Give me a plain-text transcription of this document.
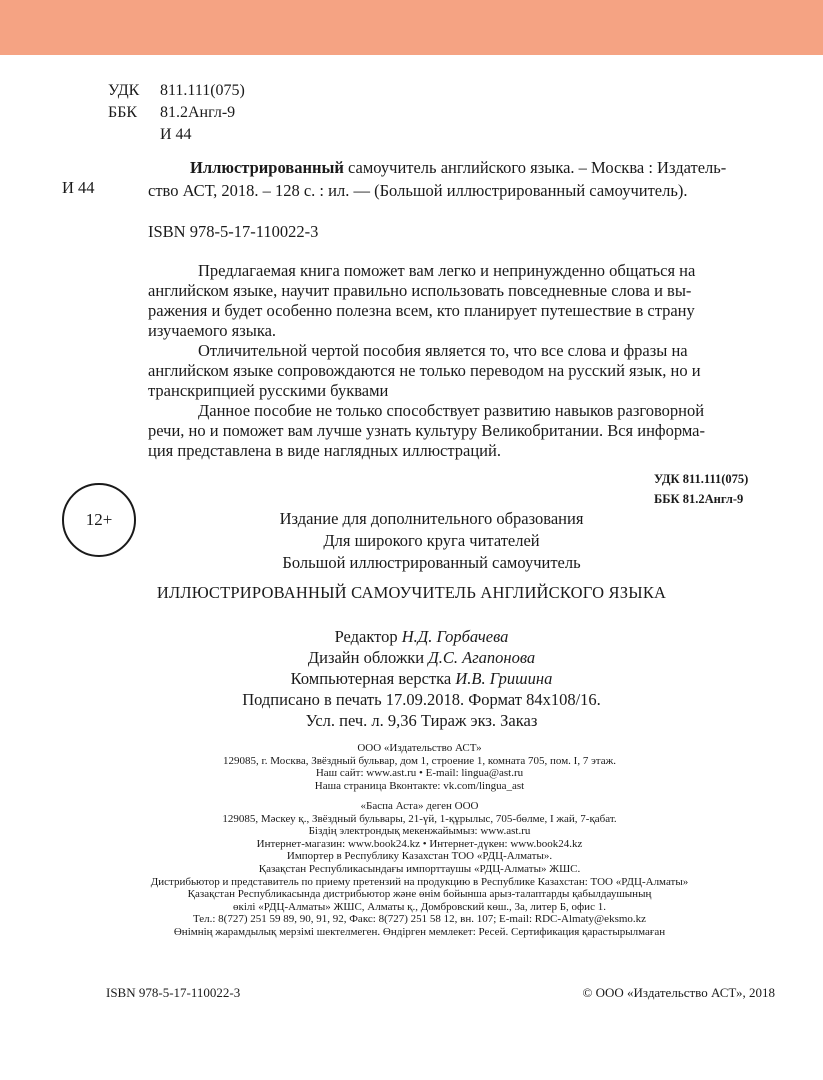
УДК 811.111(075)
ББК 81.2Англ-9
И 44
И 44
Иллюстрированный самоучитель английского языка. – Москва : Издатель-
ство АСТ, 2018. – 128 с. : ил. — (Большой иллюстрированный самоучитель).
ISBN 978-5-17-110022-3
Предлагаемая книга поможет вам легко и непринужденно общаться на
английском языке, научит правильно использовать повседневные слова и вы-
ражения и будет особенно полезна всем, кто планирует путешествие в страну
изучаемого языка.
Отличительной чертой пособия является то, что все слова и фразы на
английском языке сопровождаются не только переводом на русский язык, но и
транскрипцией русскими буквами
Данное пособие не только способствует развитию навыков разговорной
речи, но и поможет вам лучше узнать культуру Великобритании. Вся информа-
ция представлена в виде наглядных иллюстраций.
УДК 811.111(075)
ББК 81.2Англ-9
12+	Издание для дополнительного образования
Для широкого круга читателей
Большой иллюстрированный самоучитель
ИЛЛЮСТРИРОВАННЫЙ САМОУЧИТЕЛЬ АНГЛИЙСКОГО ЯЗЫКА
Редактор Н.Д. Горбачева
Дизайн обложки Д.С. Агапонова
Компьютерная верстка И.В. Гришина
Подписано в печать 17.09.2018. Формат 84x108/16.
Усл. печ. л. 9,36 Тираж экз. Заказ
ООО «Издательство АСТ»
129085, г. Москва, Звёздный бульвар, дом 1, строение 1, комната 705, пом. I, 7 этаж.
Наш сайт: www.ast.ru • E-mail: lingua@ast.ru
Наша страница Вконтакте: vk.com/lingua_ast
«Баспа Аста» деген ООО
129085, Мәскеу қ., Звёздный бульвары, 21-үй, 1-құрылыс, 705-бөлме, I жай, 7-қабат.
Біздің электрондық мекенжайымыз: www.ast.ru
Интернет-магазин: www.book24.kz • Интернет-дүкен: www.book24.kz
Импортер в Республику Казахстан ТОО «РДЦ-Алматы».
Қазақстан Республикасындағы импорттаушы «РДЦ-Алматы» ЖШС.
Дистрибьютор и представитель по приему претензий на продукцию в Республике Казахстан: ТОО «РДЦ-Алматы»
Қазақстан Республикасында дистрибьютор және өнім бойынша арыз-талаптарды қабылдаушының
өкілі «РДЦ-Алматы» ЖШС, Алматы қ., Домбровский көш., 3а, литер Б, офис 1.
Тел.: 8(727) 251 59 89, 90, 91, 92, Факс: 8(727) 251 58 12, вн. 107; E-mail: RDC-Almaty@eksmo.kz
Өнімнің жарамдылық мерзімі шектелмеген. Өндірген мемлекет: Ресей. Сертификация қарастырылмаған
ISBN 978-5-17-110022-3	© ООО «Издательство АСТ», 2018
